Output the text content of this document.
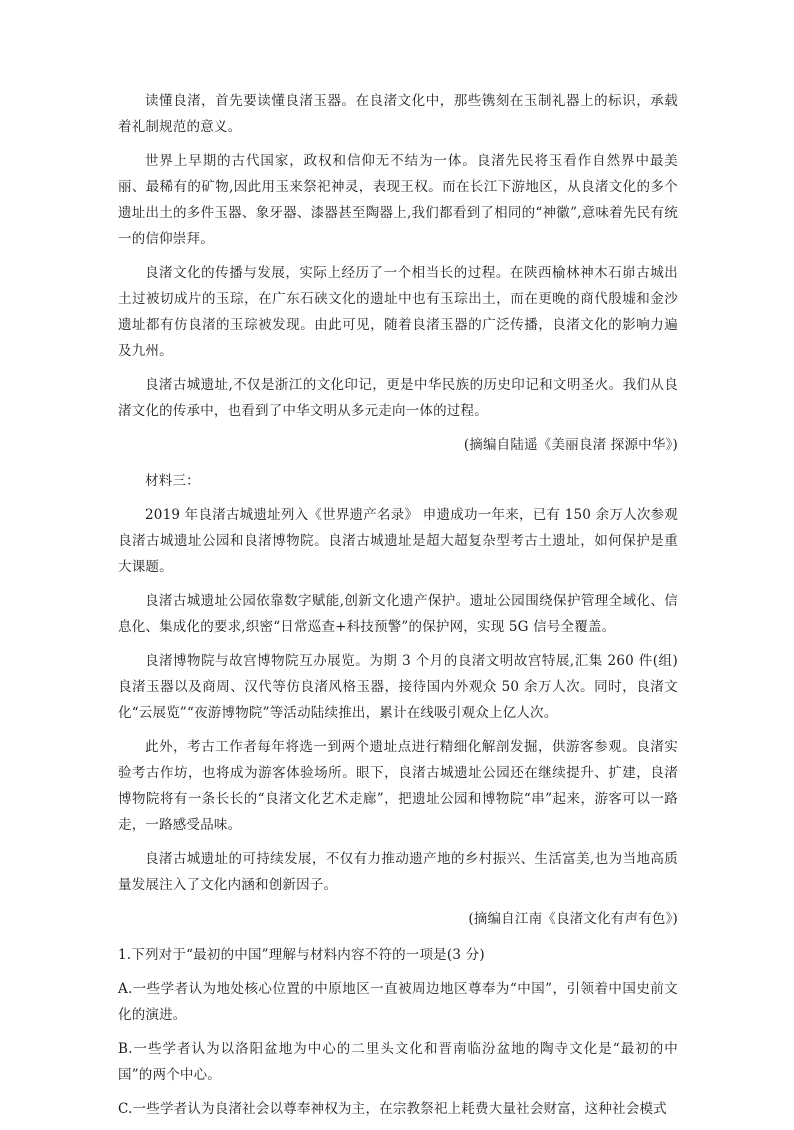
读懂良渚，首先要读懂良渚玉器。在良渚文化中，那些镌刻在玉制礼器上的标识，承载着礼制规范的意义。

世界上早期的古代国家，政权和信仰无不结为一体。良渚先民将玉看作自然界中最美丽、最稀有的矿物,因此用玉来祭祀神灵，表现王权。而在长江下游地区，从良渚文化的多个遗址出土的多件玉器、象牙器、漆器甚至陶器上,我们都看到了相同的“神徽”,意味着先民有统一的信仰崇拜。

良渚文化的传播与发展，实际上经历了一个相当长的过程。在陕西榆林神木石峁古城出土过被切成片的玉琮，在广东石硖文化的遗址中也有玉琮出土，而在更晚的商代殷墟和金沙遗址都有仿良渚的玉琮被发现。由此可见，随着良渚玉器的广泛传播，良渚文化的影响力遍及九州。

良渚古城遗址,不仅是浙江的文化印记，更是中华民族的历史印记和文明圣火。我们从良渚文化的传承中，也看到了中华文明从多元走向一体的过程。

(摘编自陆遥《美丽良渚 探源中华》)

材料三：

2019 年良渚古城遗址列入《世界遗产名录》 申遗成功一年来，已有 150 余万人次参观良渚古城遗址公园和良渚博物院。良渚古城遗址是超大超复杂型考古土遗址，如何保护是重大课题。

良渚古城遗址公园依靠数字赋能,创新文化遗产保护。遗址公园围绕保护管理全域化、信息化、集成化的要求,织密“日常巡查+科技预警”的保护网，实现 5G 信号全覆盖。

良渚博物院与故宫博物院互办展览。为期 3 个月的良渚文明故宫特展,汇集 260 件(组)良渚玉器以及商周、汉代等仿良渚风格玉器，接待国内外观众 50 余万人次。同时，良渚文化“云展览”“夜游博物院”等活动陆续推出，累计在线吸引观众上亿人次。

此外，考古工作者每年将选一到两个遗址点进行精细化解剖发掘，供游客参观。良渚实验考古作坊，也将成为游客体验场所。眼下，良渚古城遗址公园还在继续提升、扩建，良渚博物院将有一条长长的“良渚文化艺术走廊”，把遗址公园和博物院“串”起来，游客可以一路走，一路感受品味。

良渚古城遗址的可持续发展，不仅有力推动遗产地的乡村振兴、生活富美,也为当地高质量发展注入了文化内涵和创新因子。

(摘编自江南《良渚文化有声有色》)

1.下列对于“最初的中国”理解与材料内容不符的一项是(3 分)

A.一些学者认为地处核心位置的中原地区一直被周边地区尊奉为“中国”，引领着中国史前文化的演进。

B.一些学者认为以洛阳盆地为中心的二里头文化和晋南临汾盆地的陶寺文化是“最初的中国”的两个中心。

C.一些学者认为良渚社会以尊奉神权为主，在宗教祭祀上耗费大量社会财富，这种社会模式
